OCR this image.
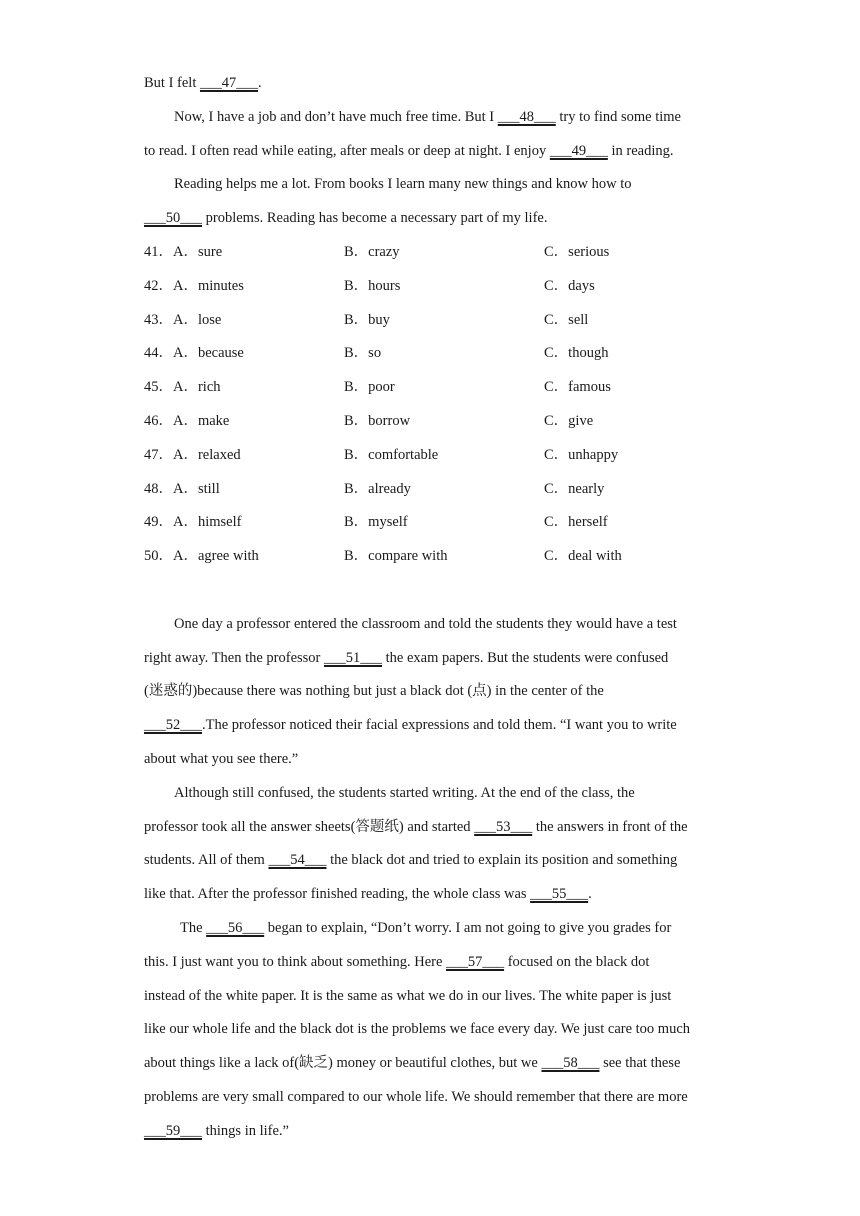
But I felt ___47___.
Now, I have a job and don’t have much free time. But I ___48___ try to find some time
to read. I often read while eating, after meals or deep at night. I enjoy ___49___ in reading.
Reading helps me a lot. From books I learn many new things and know how to
___50___ problems. Reading has become a necessary part of my life.
41．A．sure	B．crazy	C．serious
42．A．minutes	B．hours	C．days
43．A．lose	B．buy	C．sell
44．A．because	B．so	C．though
45．A．rich	B．poor	C．famous
46．A．make	B．borrow	C．give
47．A．relaxed	B．comfortable	C．unhappy
48．A．still	B．already	C．nearly
49．A．himself	B．myself	C．herself
50．A．agree with	B．compare with	C．deal with
One day a professor entered the classroom and told the students they would have a test
right away. Then the professor ___51___ the exam papers. But the students were confused
(迷惑的)because there was nothing but just a black dot (点) in the center of the
___52___.The professor noticed their facial expressions and told them. “I want you to write
about what you see there.”
Although still confused, the students started writing. At the end of the class, the
professor took all the answer sheets(答题纸) and started ___53___ the answers in front of the
students. All of them ___54___ the black dot and tried to explain its position and something
like that. After the professor finished reading, the whole class was ___55___.
The ___56___ began to explain, “Don’t worry. I am not going to give you grades for
this. I just want you to think about something. Here ___57___ focused on the black dot
instead of the white paper. It is the same as what we do in our lives. The white paper is just
like our whole life and the black dot is the problems we face every day. We just care too much
about things like a lack of(缺乏) money or beautiful clothes, but we ___58___ see that these
problems are very small compared to our whole life. We should remember that there are more
___59___ things in life.”
